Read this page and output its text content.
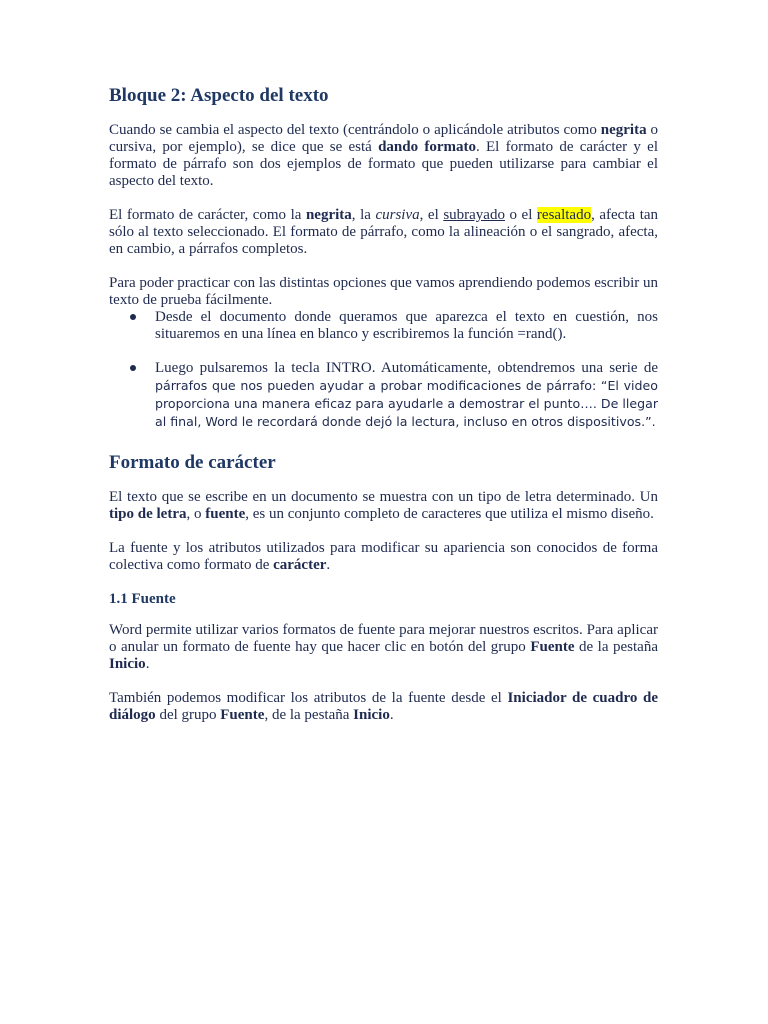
Bloque 2: Aspecto del texto

Cuando se cambia el aspecto del texto (centrándolo o aplicándole atributos como negrita o cursiva, por ejemplo), se dice que se está dando formato. El formato de carácter y el formato de párrafo son dos ejemplos de formato que pueden utilizarse para cambiar el aspecto del texto.

El formato de carácter, como la negrita, la cursiva, el subrayado o el resaltado, afecta tan sólo al texto seleccionado. El formato de párrafo, como la alineación o el sangrado, afecta, en cambio, a párrafos completos.

Para poder practicar con las distintas opciones que vamos aprendiendo podemos escribir un texto de prueba fácilmente.

Desde el documento donde queramos que aparezca el texto en cuestión, nos situaremos en una línea en blanco y escribiremos la función =rand().

Luego pulsaremos la tecla INTRO. Automáticamente, obtendremos una serie de párrafos que nos pueden ayudar a probar modificaciones de párrafo: “El video proporciona una manera eficaz para ayudarle a demostrar el punto…. De llegar al final, Word le recordará donde dejó la lectura, incluso en otros dispositivos.”.

Formato de carácter

El texto que se escribe en un documento se muestra con un tipo de letra determinado. Un tipo de letra, o fuente, es un conjunto completo de caracteres que utiliza el mismo diseño.

La fuente y los atributos utilizados para modificar su apariencia son conocidos de forma colectiva como formato de carácter.

1.1 Fuente

Word permite utilizar varios formatos de fuente para mejorar nuestros escritos. Para aplicar o anular un formato de fuente hay que hacer clic en botón del grupo Fuente de la pestaña Inicio.

También podemos modificar los atributos de la fuente desde el Iniciador de cuadro de diálogo del grupo Fuente, de la pestaña Inicio.
